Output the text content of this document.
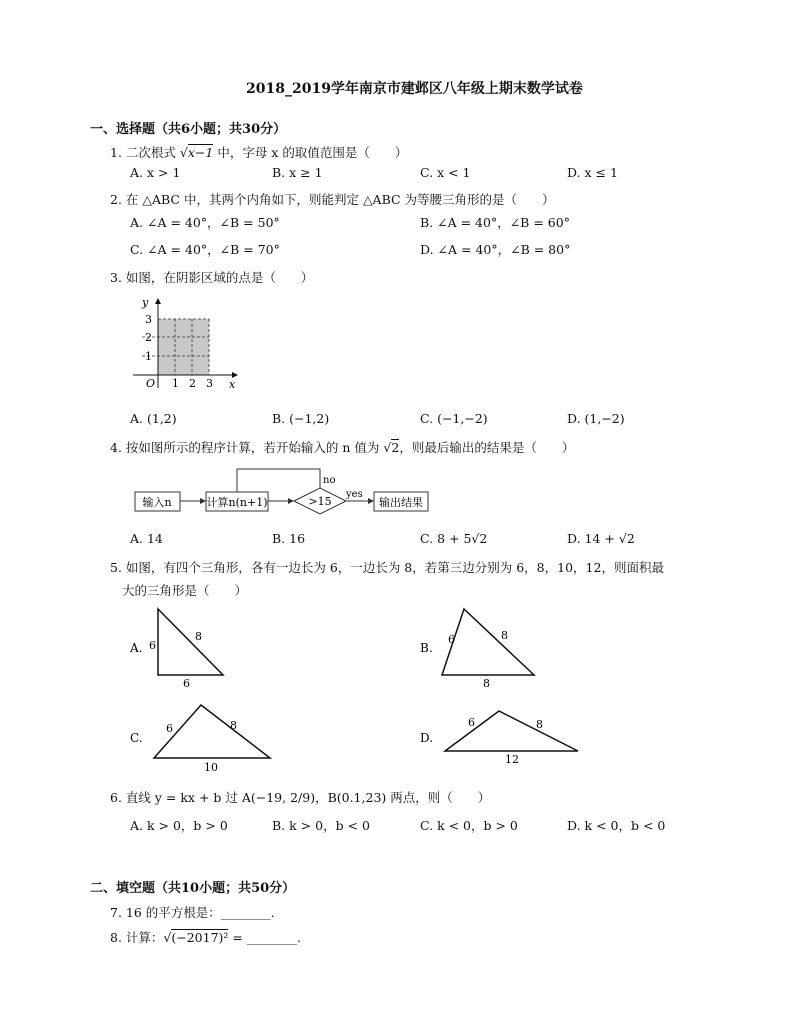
2018_2019学年南京市建邺区八年级上期末数学试卷
一、选择题（共6小题；共30分）
1. 二次根式 √x−1 中，字母 x 的取值范围是（　　）
A. x > 1	B. x ≥ 1	C. x < 1	D. x ≤ 1
2. 在 △ABC 中，其两个内角如下，则能判定 △ABC 为等腰三角形的是（　　）
A. ∠A = 40°，∠B = 50°	B. ∠A = 40°，∠B = 60°
C. ∠A = 40°，∠B = 70°	D. ∠A = 40°，∠B = 80°
3. 如图，在阴影区域的点是（　　）
y
x
O 1 2 3
1
2
3
A. (1,2)	B. (−1,2)	C. (−1,−2)	D. (1,−2)
4. 按如图所示的程序计算，若开始输入的 n 值为 √2，则最后输出的结果是（　　）
输入n	计算n(n+1)	>15
no
yes
输出结果
A. 14	B. 16	C. 8 + 5√2	D. 14 + √2
5. 如图，有四个三角形，各有一边长为 6，一边长为 8，若第三边分别为 6，8，10，12，则面积最
大的三角形是（　　）
A. 6
8
6
B.
6	8
8
C.
6	8
10
D.
6	8
12
6. 直线 y = kx + b 过 A(−19, 2/9)，B(0.1,23) 两点，则（　　）
A. k > 0，b > 0	B. k > 0，b < 0	C. k < 0，b > 0	D. k < 0，b < 0
二、填空题（共10小题；共50分）
7. 16 的平方根是：________.
8. 计算：√(−2017)² = ________.
